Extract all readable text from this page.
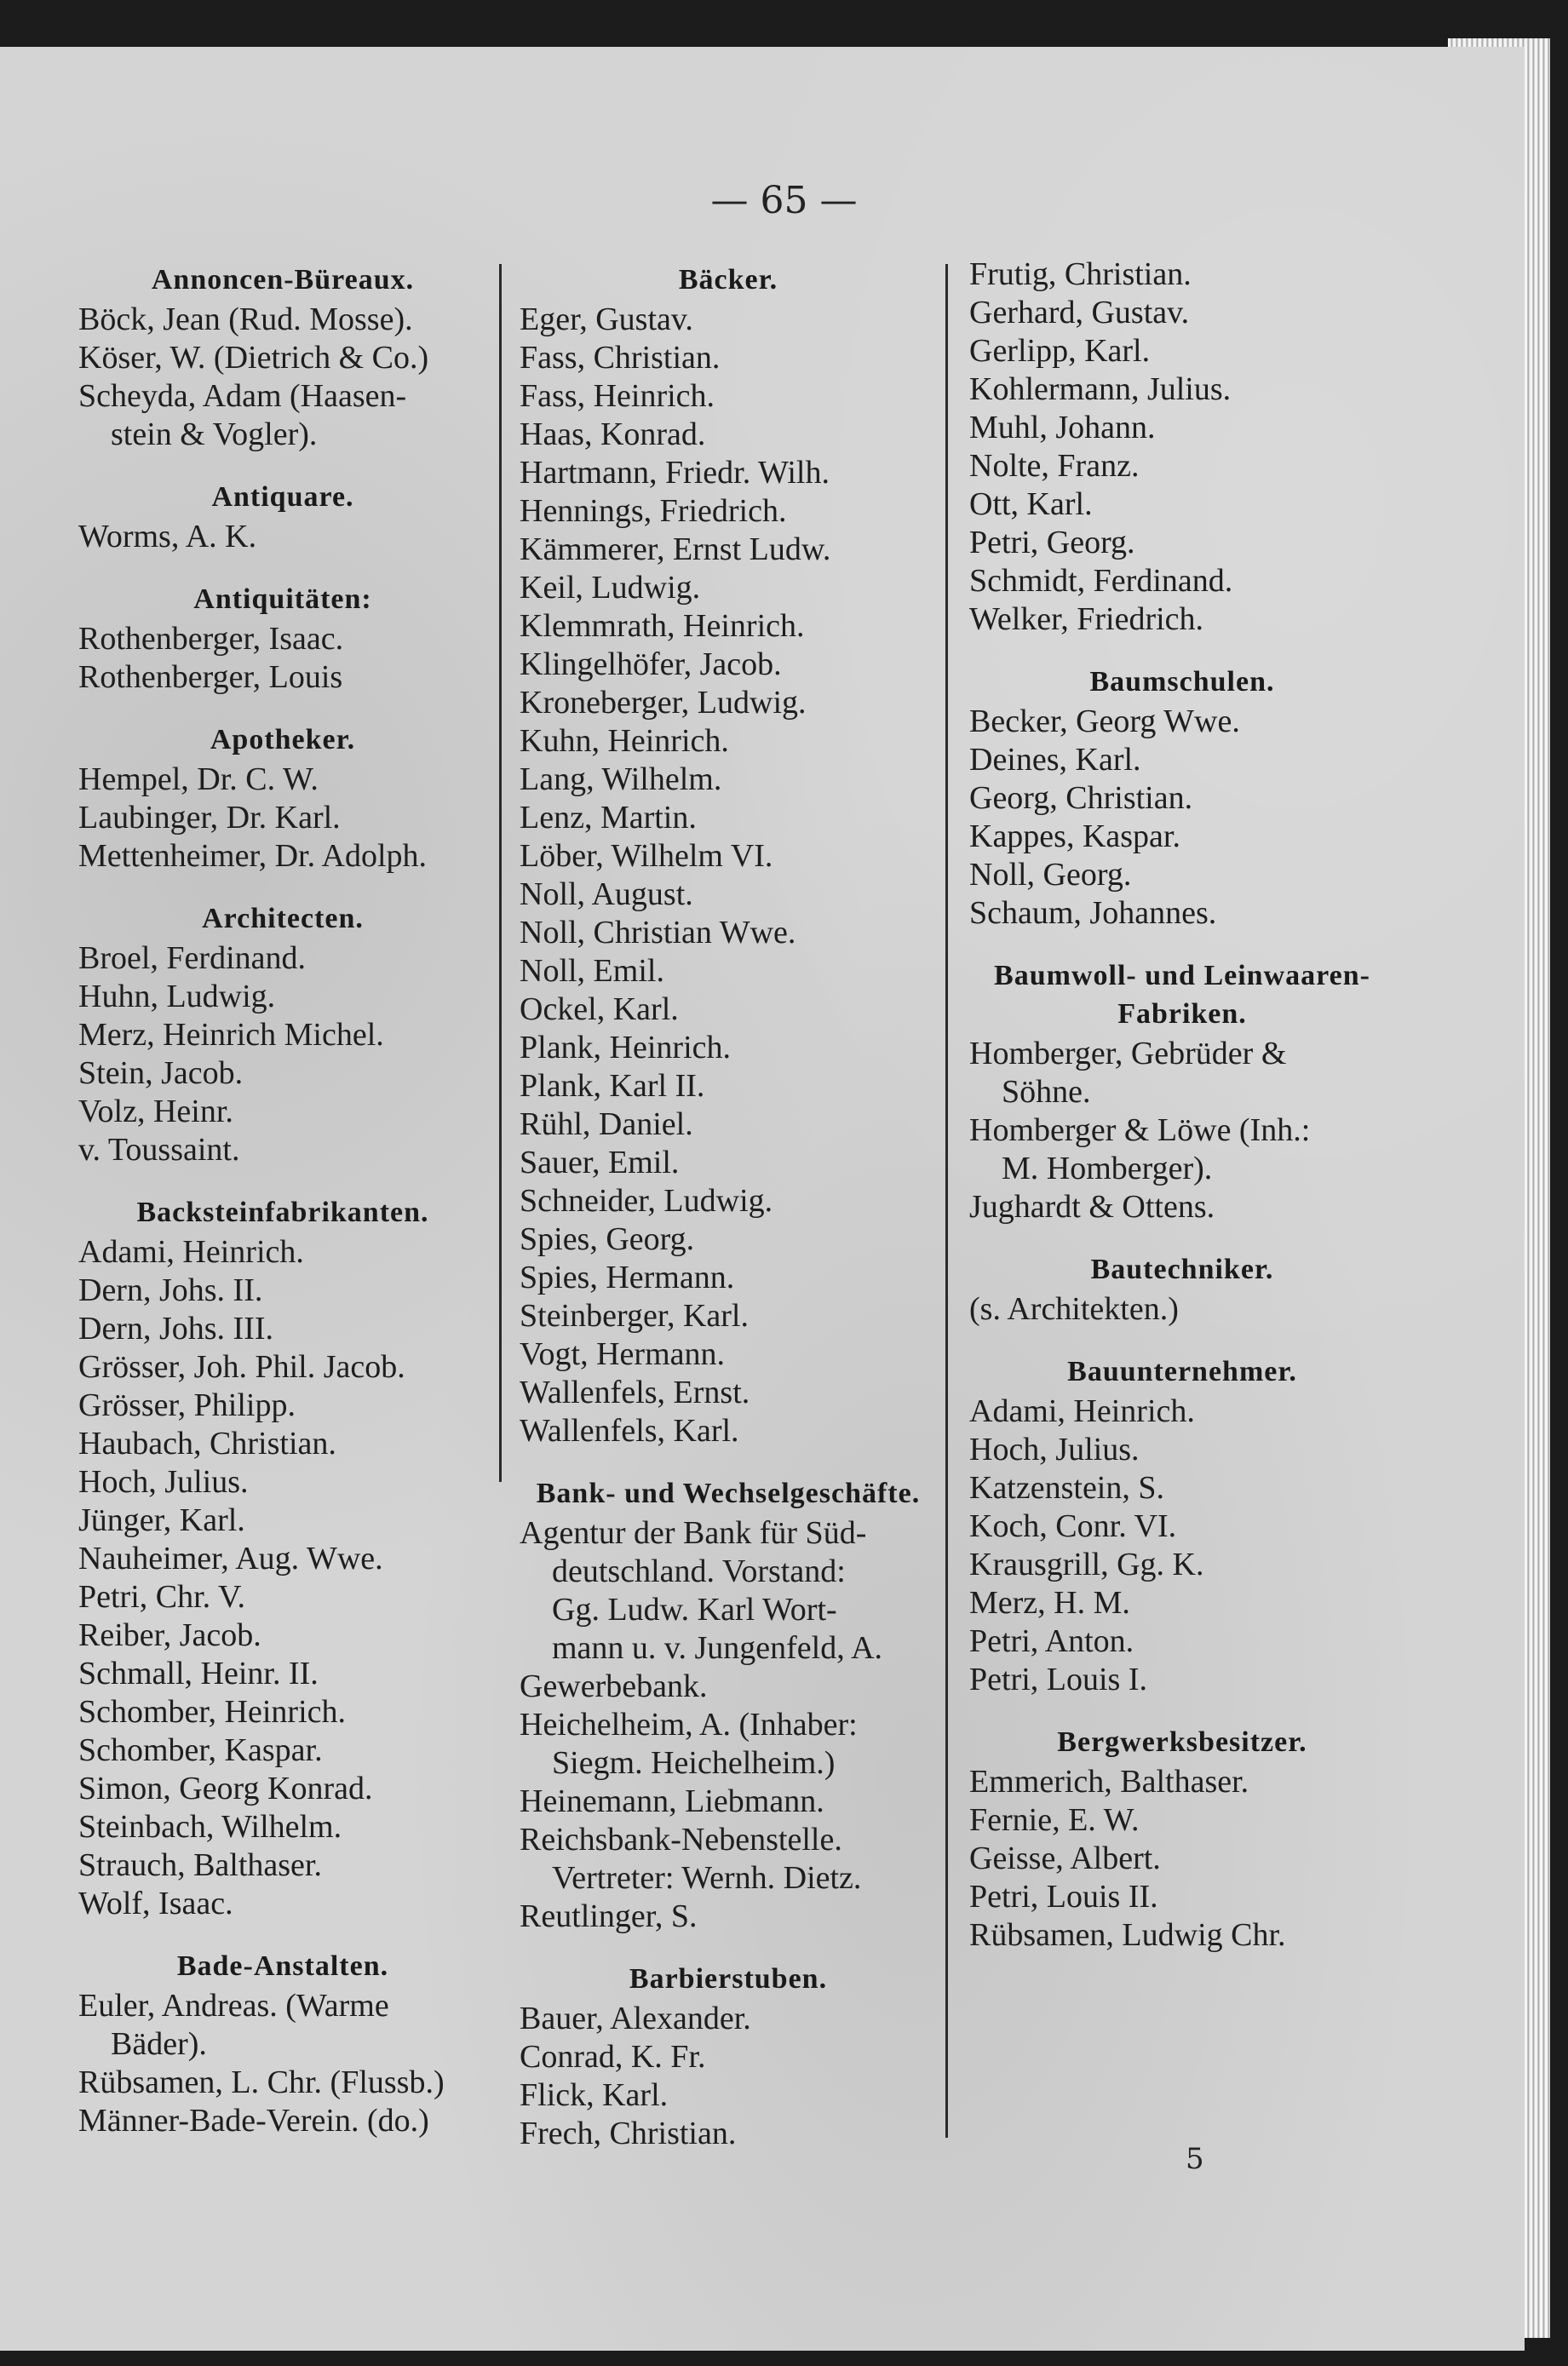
— 65 —
Annoncen-Büreaux.
Böck, Jean (Rud. Mosse).
Köser, W. (Dietrich & Co.)
Scheyda, Adam (Haasen-
stein & Vogler).
Antiquare.
Worms, A. K.
Antiquitäten:
Rothenberger, Isaac.
Rothenberger, Louis
Apotheker.
Hempel, Dr. C. W.
Laubinger, Dr. Karl.
Mettenheimer, Dr. Adolph.
Architecten.
Broel, Ferdinand.
Huhn, Ludwig.
Merz, Heinrich Michel.
Stein, Jacob.
Volz, Heinr.
v. Toussaint.
Backsteinfabrikanten.
Adami, Heinrich.
Dern, Johs. II.
Dern, Johs. III.
Grösser, Joh. Phil. Jacob.
Grösser, Philipp.
Haubach, Christian.
Hoch, Julius.
Jünger, Karl.
Nauheimer, Aug. Wwe.
Petri, Chr. V.
Reiber, Jacob.
Schmall, Heinr. II.
Schomber, Heinrich.
Schomber, Kaspar.
Simon, Georg Konrad.
Steinbach, Wilhelm.
Strauch, Balthaser.
Wolf, Isaac.
Bade-Anstalten.
Euler, Andreas. (Warme
Bäder).
Rübsamen, L. Chr. (Flussb.)
Männer-Bade-Verein. (do.)
Bäcker.
Eger, Gustav.
Fass, Christian.
Fass, Heinrich.
Haas, Konrad.
Hartmann, Friedr. Wilh.
Hennings, Friedrich.
Kämmerer, Ernst Ludw.
Keil, Ludwig.
Klemmrath, Heinrich.
Klingelhöfer, Jacob.
Kroneberger, Ludwig.
Kuhn, Heinrich.
Lang, Wilhelm.
Lenz, Martin.
Löber, Wilhelm VI.
Noll, August.
Noll, Christian Wwe.
Noll, Emil.
Ockel, Karl.
Plank, Heinrich.
Plank, Karl II.
Rühl, Daniel.
Sauer, Emil.
Schneider, Ludwig.
Spies, Georg.
Spies, Hermann.
Steinberger, Karl.
Vogt, Hermann.
Wallenfels, Ernst.
Wallenfels, Karl.
Bank- und Wechselgeschäfte.
Agentur der Bank für Süd-
deutschland. Vorstand:
Gg. Ludw. Karl Wort-
mann u. v. Jungenfeld, A.
Gewerbebank.
Heichelheim, A. (Inhaber:
Siegm. Heichelheim.)
Heinemann, Liebmann.
Reichsbank-Nebenstelle.
Vertreter: Wernh. Dietz.
Reutlinger, S.
Barbierstuben.
Bauer, Alexander.
Conrad, K. Fr.
Flick, Karl.
Frech, Christian.
Frutig, Christian.
Gerhard, Gustav.
Gerlipp, Karl.
Kohlermann, Julius.
Muhl, Johann.
Nolte, Franz.
Ott, Karl.
Petri, Georg.
Schmidt, Ferdinand.
Welker, Friedrich.
Baumschulen.
Becker, Georg Wwe.
Deines, Karl.
Georg, Christian.
Kappes, Kaspar.
Noll, Georg.
Schaum, Johannes.
Baumwoll- und Leinwaaren-Fabriken.
Homberger, Gebrüder &
Söhne.
Homberger & Löwe (Inh.:
M. Homberger).
Jughardt & Ottens.
Bautechniker.
(s. Architekten.)
Bauunternehmer.
Adami, Heinrich.
Hoch, Julius.
Katzenstein, S.
Koch, Conr. VI.
Krausgrill, Gg. K.
Merz, H. M.
Petri, Anton.
Petri, Louis I.
Bergwerksbesitzer.
Emmerich, Balthaser.
Fernie, E. W.
Geisse, Albert.
Petri, Louis II.
Rübsamen, Ludwig Chr.
5
